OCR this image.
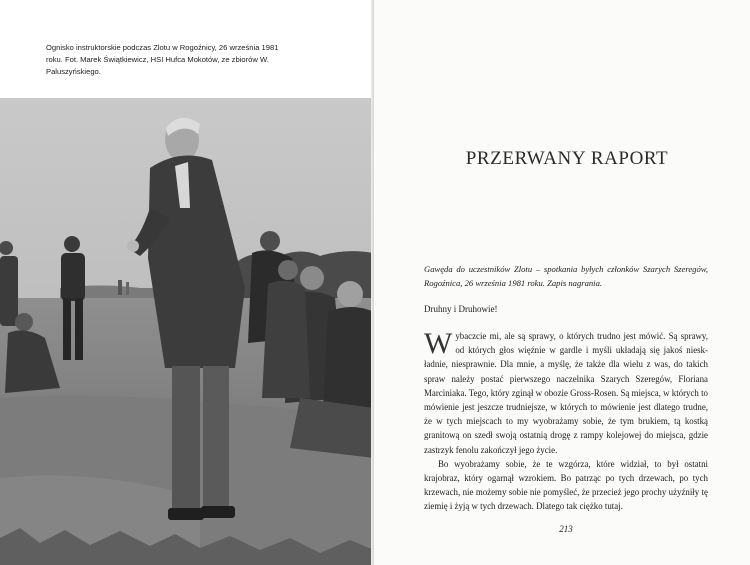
Ognisko instruktorskie podczas Zlotu w Rogoźnicy, 26 września 1981 roku. Fot. Marek Świątkiewicz, HSI Hufca Mokotów, ze zbiorów W. Paluszyńskiego.
PRZERWANY RAPORT

Gawęda do uczestników Zlotu – spotkania byłych członków Szarych Szeregów, Rogoźnica, 26 września 1981 roku. Zapis nagrania.

Druhny i Druhowie!

Wybaczcie mi, ale są sprawy, o których trudno jest mówić. Są sprawy, od których głos więźnie w gardle i myśli układają się jakoś nieskładnie, niesprawnie. Dla mnie, a myślę, że także dla wielu z was, do takich spraw należy postać pierwszego naczelnika Szarych Szeregów, Floriana Marciniaka. Tego, który zginął w obozie Gross-Rosen. Są miejsca, w których to mówienie jest jeszcze trudniejsze, w których to mówienie jest dlatego trudne, że w tych miejscach to my wyobrażamy sobie, że tym brukiem, tą kostką granitową on szedł swoją ostatnią drogę z rampy kolejowej do miejsca, gdzie zastrzyk fenolu zakończył jego życie.

Bo wyobrażamy sobie, że te wzgórza, które widział, to był ostatni krajobraz, który ogarnął wzrokiem. Bo patrząc po tych drzewach, po tych krzewach, nie możemy sobie nie pomyśleć, że przecież jego prochy użyźniły tę ziemię i żyją w tych drzewach. Dlatego tak ciężko tutaj.

213
